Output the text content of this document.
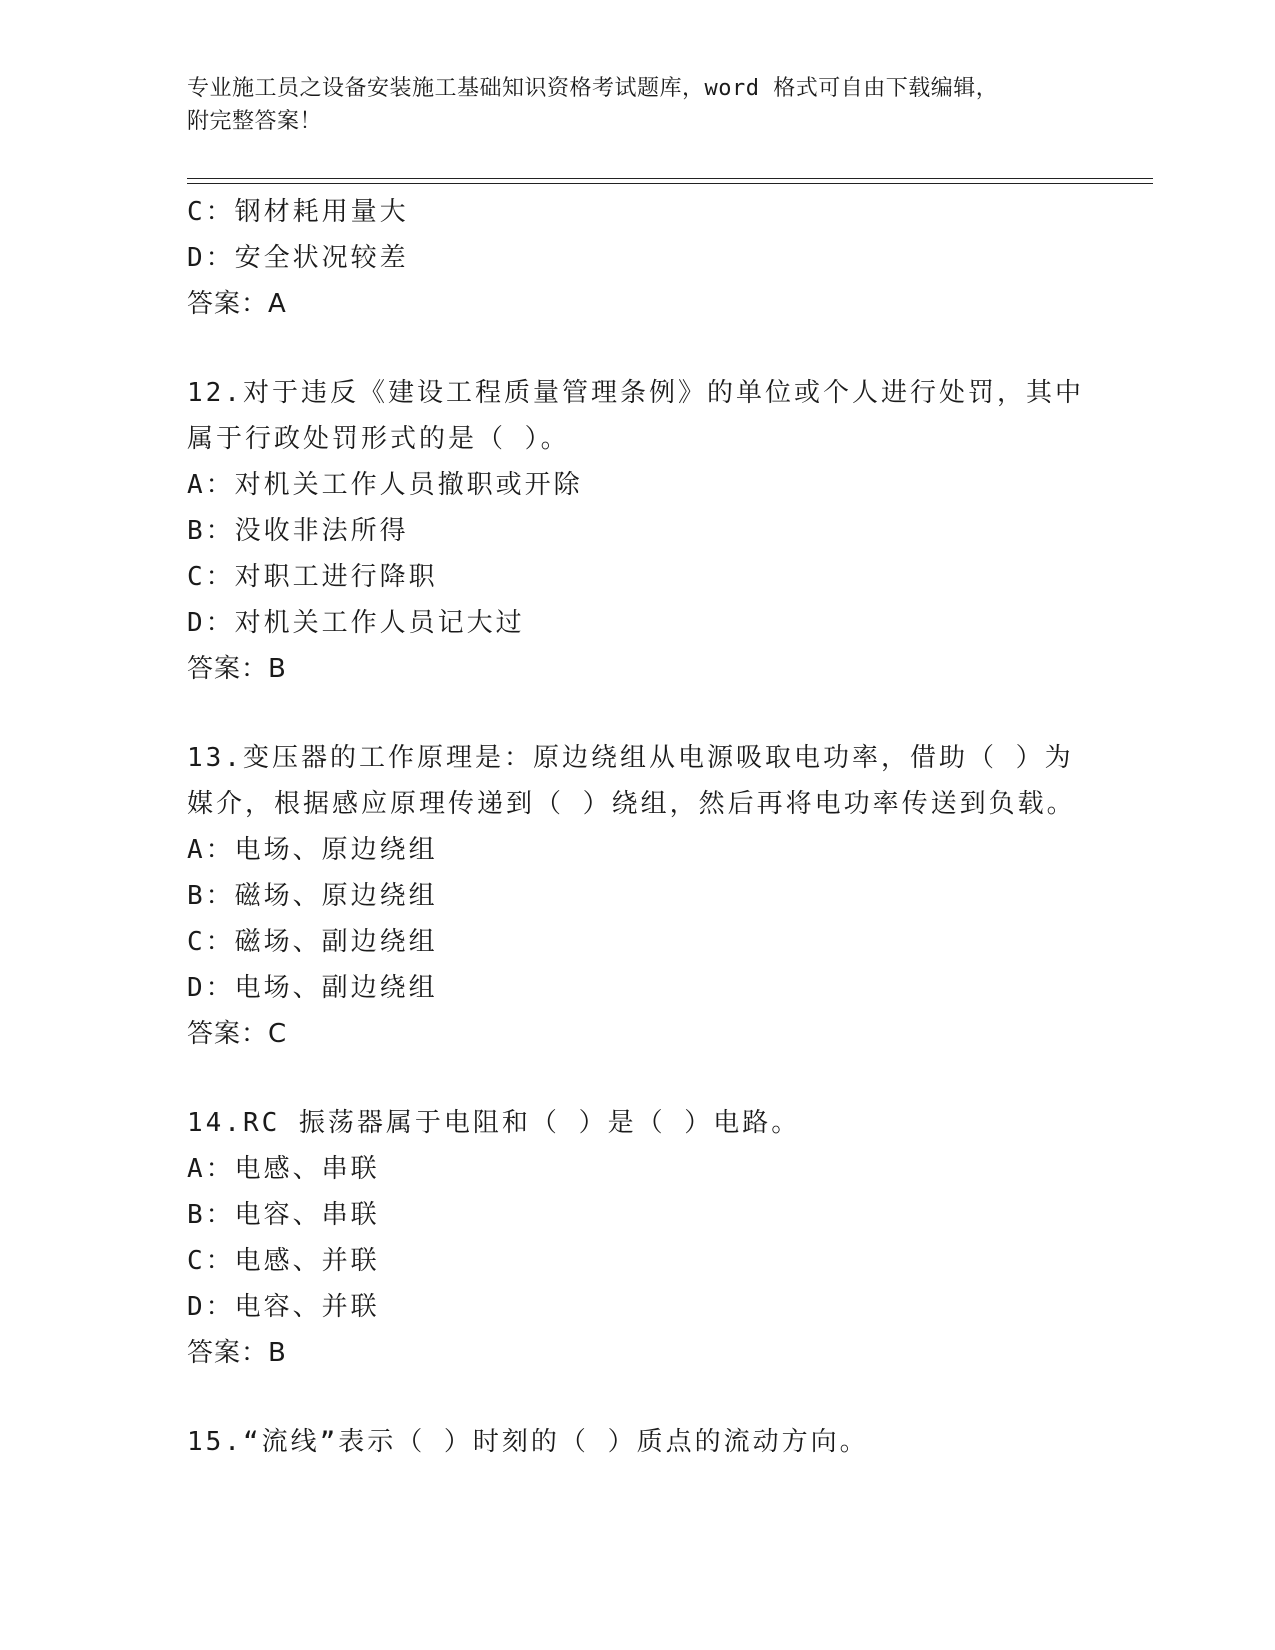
专业施工员之设备安装施工基础知识资格考试题库，word 格式可自由下载编辑，
附完整答案！
C：钢材耗用量大
D：安全状况较差
答案：A
12.对于违反《建设工程质量管理条例》的单位或个人进行处罚，其中
属于行政处罚形式的是（ ）。
A：对机关工作人员撤职或开除
B：没收非法所得
C：对职工进行降职
D：对机关工作人员记大过
答案：B
13.变压器的工作原理是：原边绕组从电源吸取电功率，借助（ ）为
媒介，根据感应原理传递到（ ）绕组，然后再将电功率传送到负载。
A：电场、原边绕组
B：磁场、原边绕组
C：磁场、副边绕组
D：电场、副边绕组
答案：C
14.RC 振荡器属于电阻和（ ）是（ ）电路。
A：电感、串联
B：电容、串联
C：电感、并联
D：电容、并联
答案：B
15.“流线”表示（ ）时刻的（ ）质点的流动方向。
